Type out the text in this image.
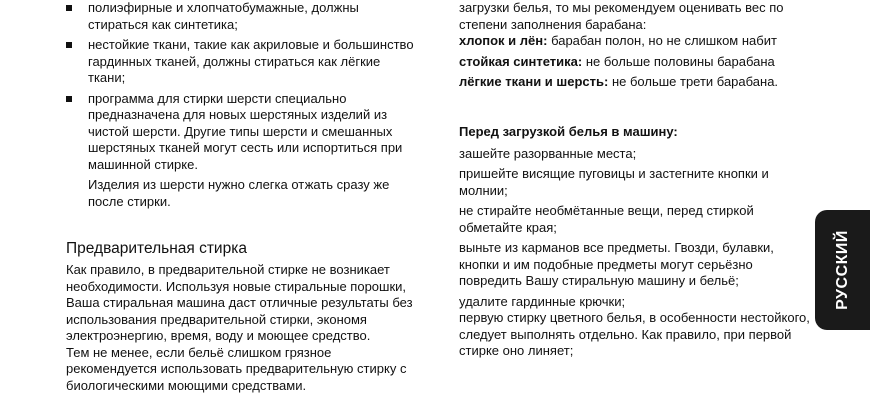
полиэфирные и хлопчатобумажные, должны стираться как синтетика;
нестойкие ткани, такие как акриловые и большинство гардинных тканей, должны стираться как лёгкие ткани;
программа для стирки шерсти специально предназначена для новых шерстяных изделий из чистой шерсти. Другие типы шерсти и смешанных шерстяных тканей могут сесть или испортиться при машинной стирке.

Изделия из шерсти нужно слегка отжать сразу же после стирки.

Предварительная стирка

Как правило, в предварительной стирке не возникает необходимости. Используя новые стиральные порошки, Ваша стиральная машина даст отличные результаты без использования предварительной стирки, экономя электроэнергию, время, воду и моющее средство.

Тем не менее, если бельё слишком грязное рекомендуется использовать предварительную стирку с биологическими моющими средствами.

загрузки белья, то мы рекомендуем оценивать вес по степени заполнения барабана:

хлопок и лён: барабан полон, но не слишком набит

стойкая синтетика: не больше половины барабана

лёгкие ткани и шерсть: не больше трети барабана.

Перед загрузкой белья в машину:

зашейте разорванные места;

пришейте висящие пуговицы и застегните кнопки и молнии;

не стирайте необмётанные вещи, перед стиркой обметайте края;

выньте из карманов все предметы. Гвозди, булавки, кнопки и им подобные предметы могут серьёзно повредить Вашу стиральную машину и бельё;

удалите гардинные крючки;

первую стирку цветного белья, в особенности нестойкого, следует выполнять отдельно. Как правило, при первой стирке оно линяет;

РУССКИЙ
